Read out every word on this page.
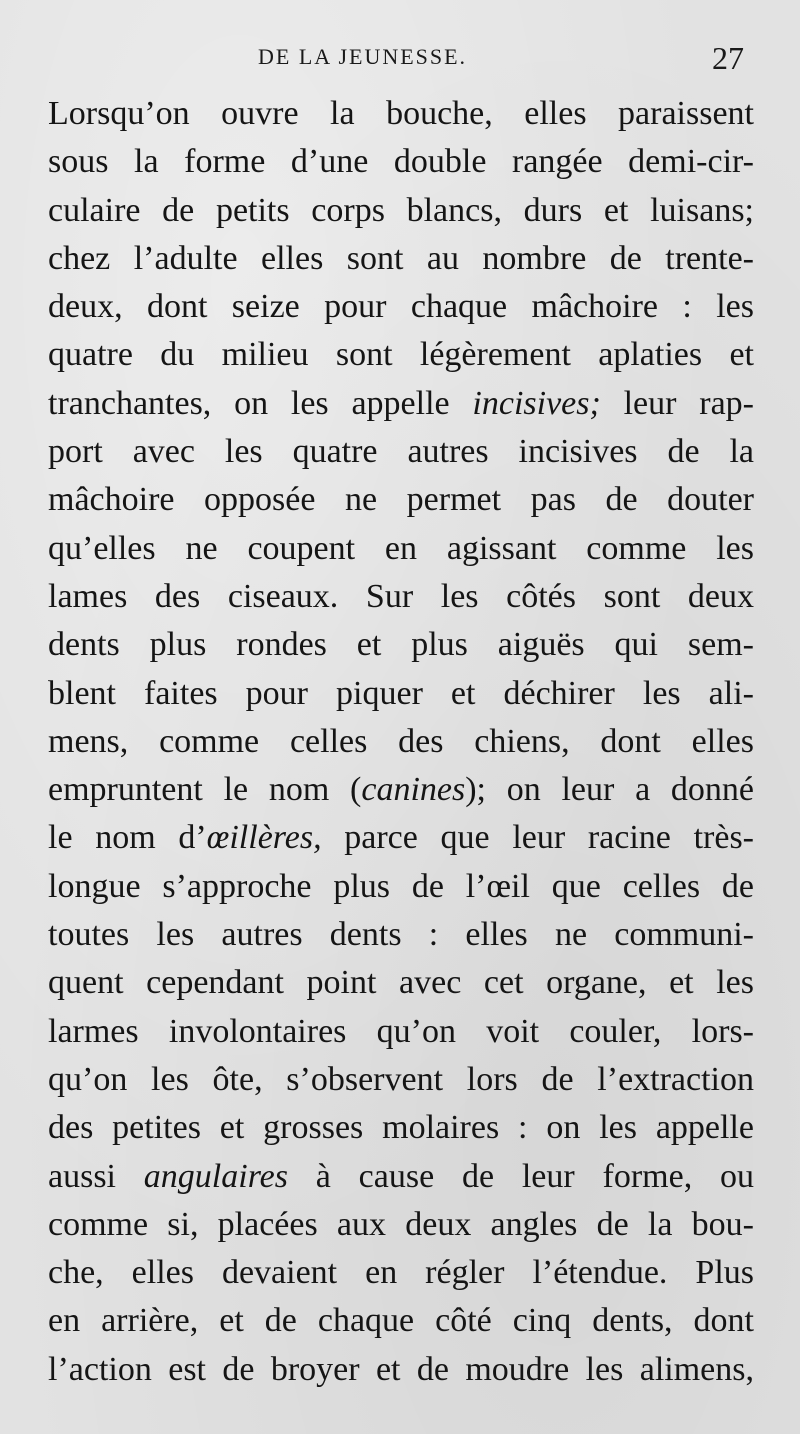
DE LA JEUNESSE.	27
Lorsqu’on ouvre la bouche, elles paraissent
sous la forme d’une double rangée demi-cir-
culaire de petits corps blancs, durs et luisans;
chez l’adulte elles sont au nombre de trente-
deux, dont seize pour chaque mâchoire : les
quatre du milieu sont légèrement aplaties et
tranchantes, on les appelle incisives; leur rap-
port avec les quatre autres incisives de la
mâchoire opposée ne permet pas de douter
qu’elles ne coupent en agissant comme les
lames des ciseaux. Sur les côtés sont deux
dents plus rondes et plus aiguës qui sem-
blent faites pour piquer et déchirer les ali-
mens, comme celles des chiens, dont elles
empruntent le nom (canines); on leur a donné
le nom d’œillères, parce que leur racine très-
longue s’approche plus de l’œil que celles de
toutes les autres dents : elles ne communi-
quent cependant point avec cet organe, et les
larmes involontaires qu’on voit couler, lors-
qu’on les ôte, s’observent lors de l’extraction
des petites et grosses molaires : on les appelle
aussi angulaires à cause de leur forme, ou
comme si, placées aux deux angles de la bou-
che, elles devaient en régler l’étendue. Plus
en arrière, et de chaque côté cinq dents, dont
l’action est de broyer et de moudre les alimens,
